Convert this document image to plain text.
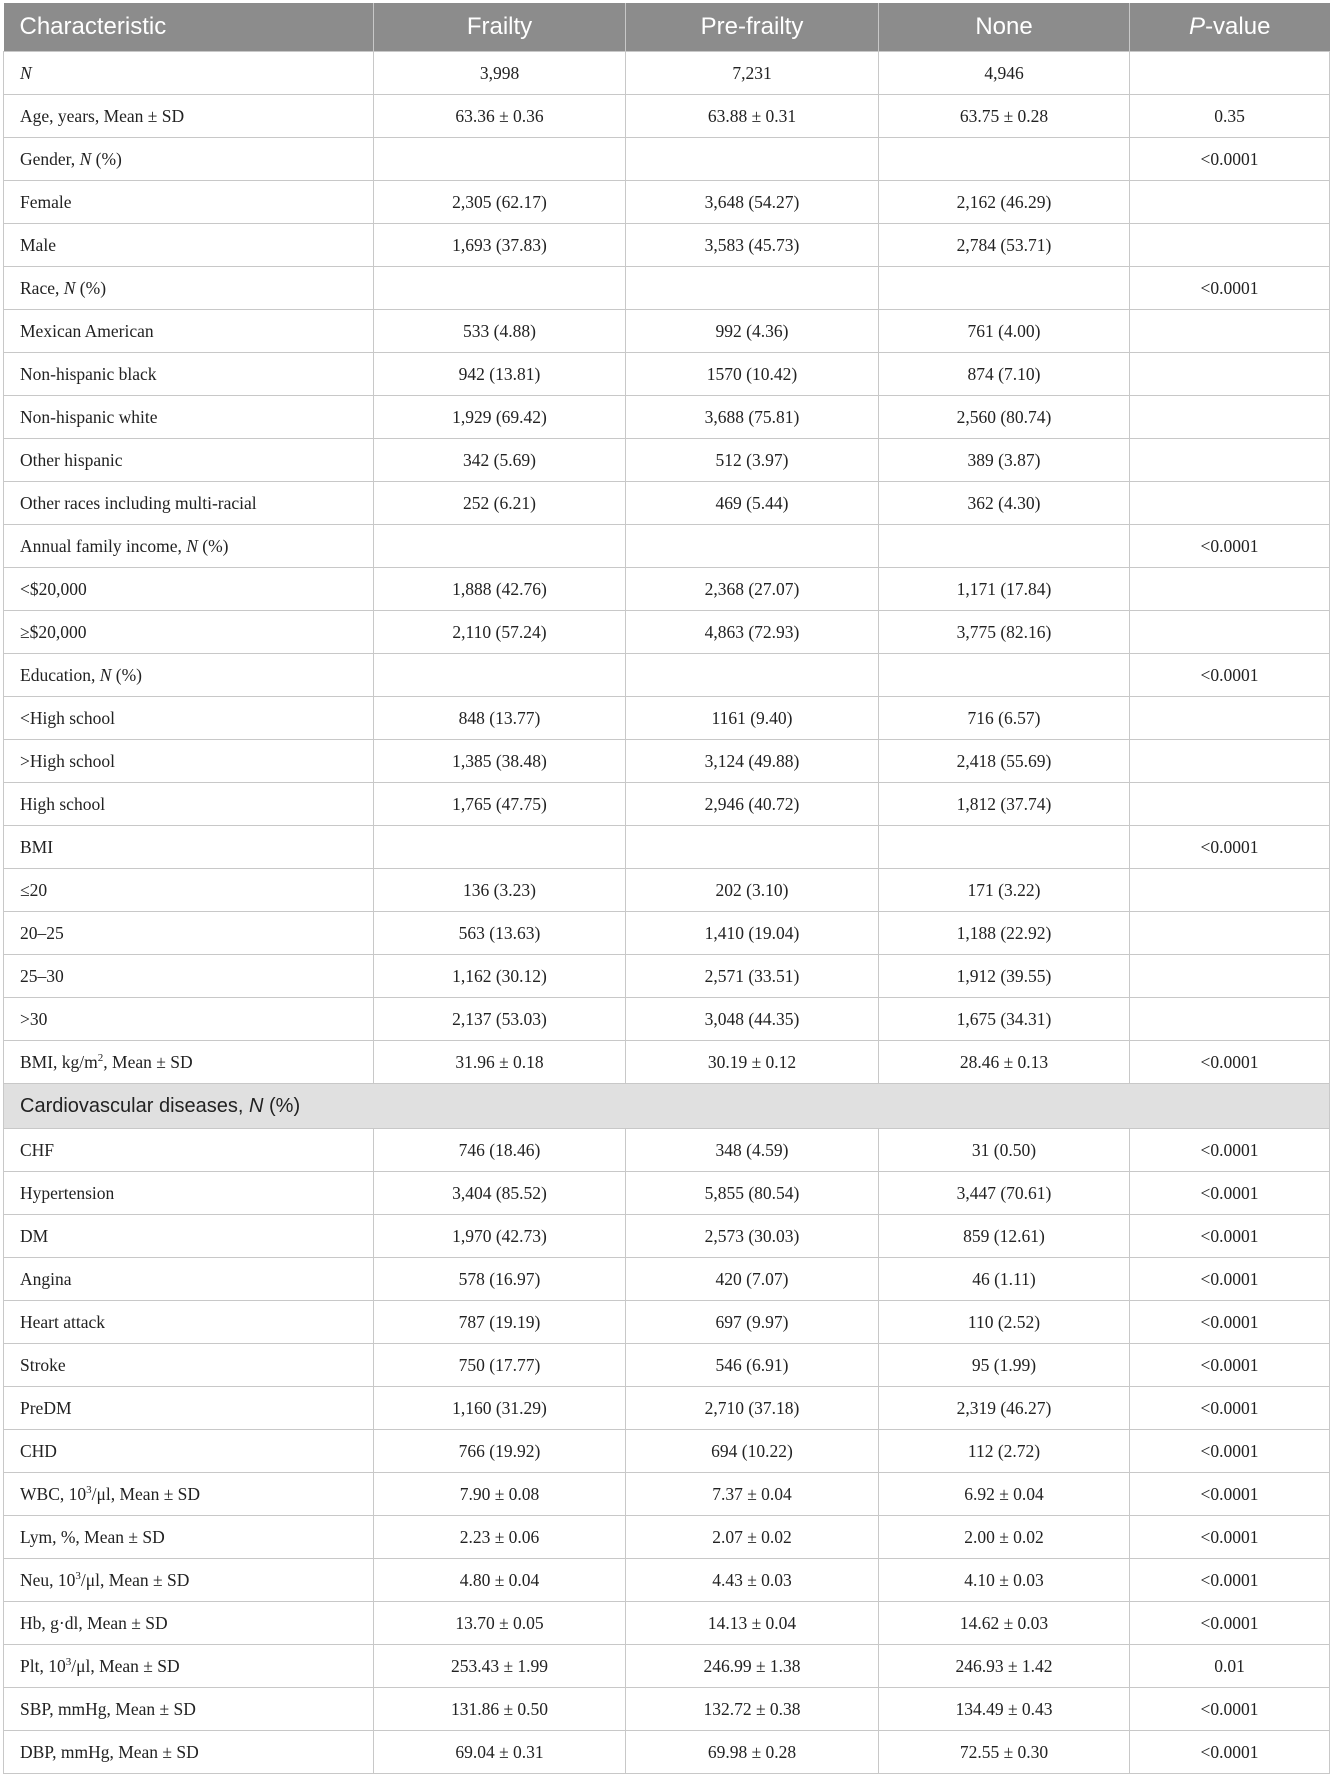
Characteristic	Frailty	Pre-frailty	None	P-value
N	3,998	7,231	4,946	
Age, years, Mean ± SD	63.36 ± 0.36	63.88 ± 0.31	63.75 ± 0.28	0.35
Gender, N (%)				<0.0001
Female	2,305 (62.17)	3,648 (54.27)	2,162 (46.29)	
Male	1,693 (37.83)	3,583 (45.73)	2,784 (53.71)	
Race, N (%)				<0.0001
Mexican American	533 (4.88)	992 (4.36)	761 (4.00)	
Non-hispanic black	942 (13.81)	1570 (10.42)	874 (7.10)	
Non-hispanic white	1,929 (69.42)	3,688 (75.81)	2,560 (80.74)	
Other hispanic	342 (5.69)	512 (3.97)	389 (3.87)	
Other races including multi-racial	252 (6.21)	469 (5.44)	362 (4.30)	
Annual family income, N (%)				<0.0001
<$20,000	1,888 (42.76)	2,368 (27.07)	1,171 (17.84)	
≥$20,000	2,110 (57.24)	4,863 (72.93)	3,775 (82.16)	
Education, N (%)				<0.0001
<High school	848 (13.77)	1161 (9.40)	716 (6.57)	
>High school	1,385 (38.48)	3,124 (49.88)	2,418 (55.69)	
High school	1,765 (47.75)	2,946 (40.72)	1,812 (37.74)	
BMI				<0.0001
≤20	136 (3.23)	202 (3.10)	171 (3.22)	
20–25	563 (13.63)	1,410 (19.04)	1,188 (22.92)	
25–30	1,162 (30.12)	2,571 (33.51)	1,912 (39.55)	
>30	2,137 (53.03)	3,048 (44.35)	1,675 (34.31)	
BMI, $kg/m^2$, Mean ± SD	31.96 ± 0.18	30.19 ± 0.12	28.46 ± 0.13	<0.0001
Cardiovascular diseases, N (%)				
CHF	746 (18.46)	348 (4.59)	31 (0.50)	<0.0001
Hypertension	3,404 (85.52)	5,855 (80.54)	3,447 (70.61)	<0.0001
DM	1,970 (42.73)	2,573 (30.03)	859 (12.61)	<0.0001
Angina	578 (16.97)	420 (7.07)	46 (1.11)	<0.0001
Heart attack	787 (19.19)	697 (9.97)	110 (2.52)	<0.0001
Stroke	750 (17.77)	546 (6.91)	95 (1.99)	<0.0001
PreDM	1,160 (31.29)	2,710 (37.18)	2,319 (46.27)	<0.0001
CHD	766 (19.92)	694 (10.22)	112 (2.72)	<0.0001
WBC, $10^3/\mu l$, Mean ± SD	7.90 ± 0.08	7.37 ± 0.04	6.92 ± 0.04	<0.0001
Lym, %, Mean ± SD	2.23 ± 0.06	2.07 ± 0.02	2.00 ± 0.02	<0.0001
Neu, $10^3/\mu l$, Mean ± SD	4.80 ± 0.04	4.43 ± 0.03	4.10 ± 0.03	<0.0001
Hb, g·dl, Mean ± SD	13.70 ± 0.05	14.13 ± 0.04	14.62 ± 0.03	<0.0001
Plt, $10^3/\mu l$, Mean ± SD	253.43 ± 1.99	246.99 ± 1.38	246.93 ± 1.42	0.01
SBP, mmHg, Mean ± SD	131.86 ± 0.50	132.72 ± 0.38	134.49 ± 0.43	<0.0001
DBP, mmHg, Mean ± SD	69.04 ± 0.31	69.98 ± 0.28	72.55 ± 0.30	<0.0001
